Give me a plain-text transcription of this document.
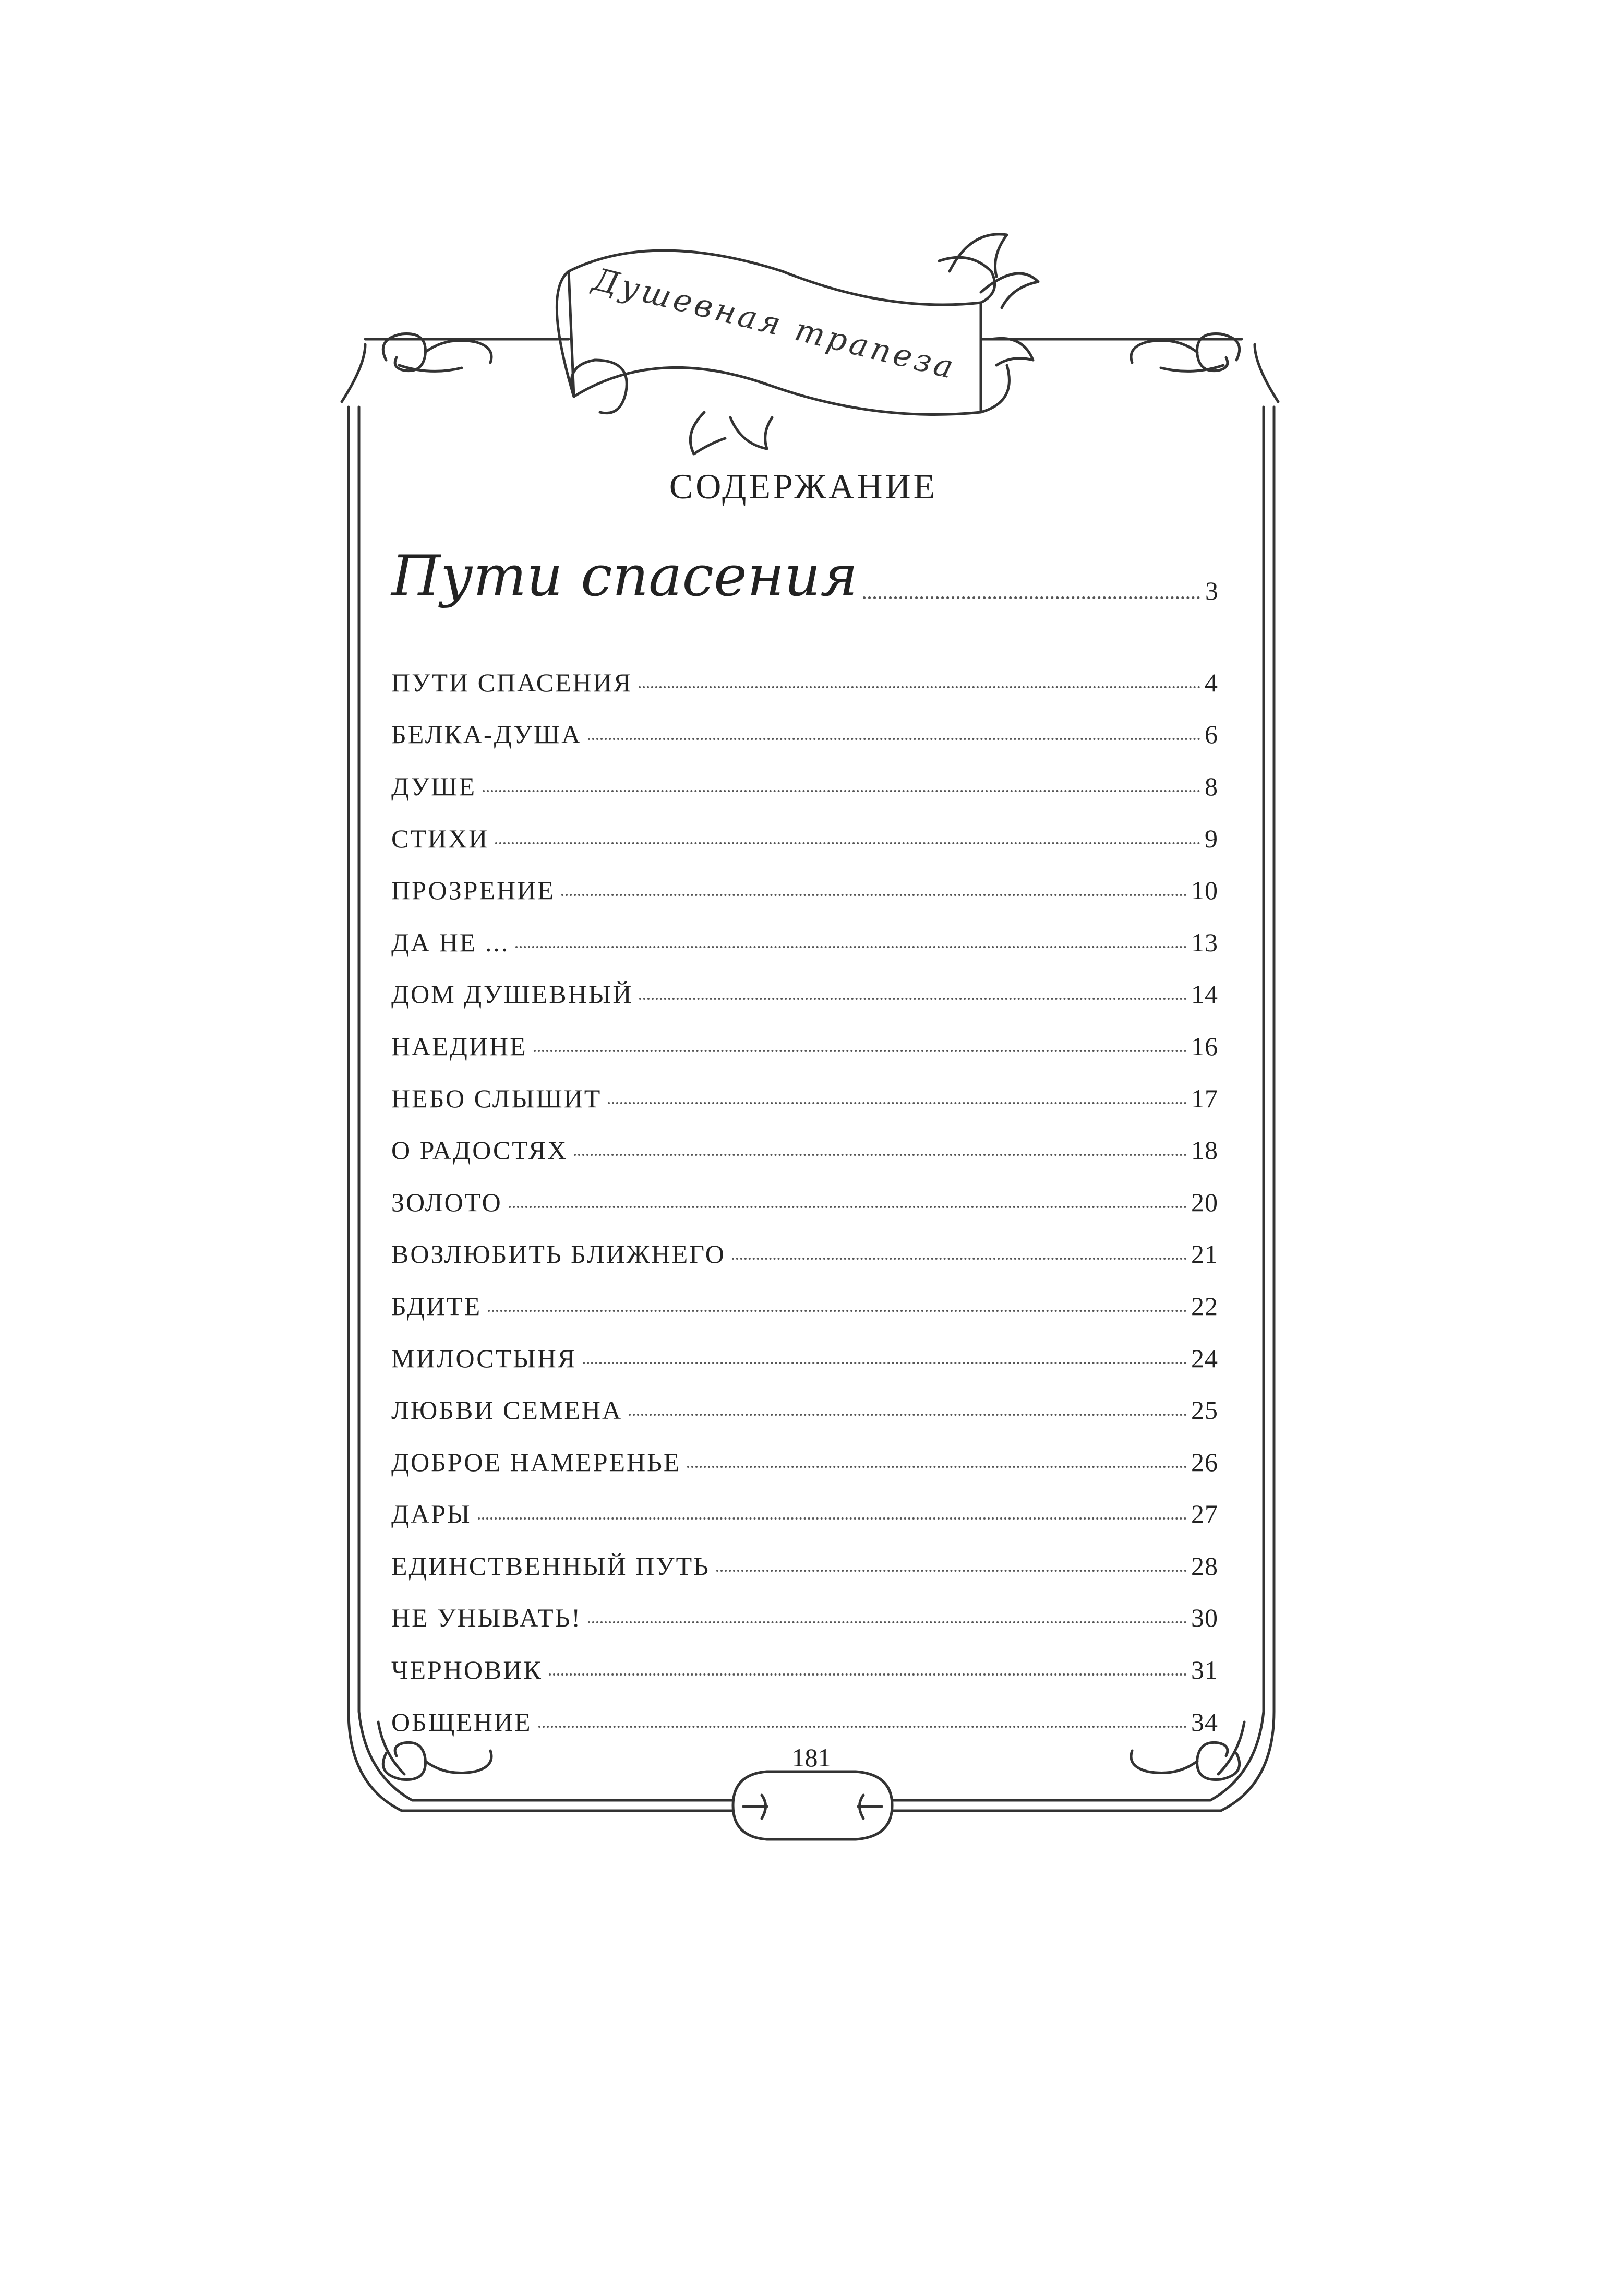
Душевная трапеза
СОДЕРЖАНИЕ
Пути спасения	3
ПУТИ СПАСЕНИЯ	4
БЕЛКА-ДУША	6
ДУШЕ	8
СТИХИ	9
ПРОЗРЕНИЕ	10
ДА НЕ ...	13
ДОМ ДУШЕВНЫЙ	14
НАЕДИНЕ	16
НЕБО СЛЫШИТ	17
О РАДОСТЯХ	18
ЗОЛОТО	20
ВОЗЛЮБИТЬ БЛИЖНЕГО	21
БДИТЕ	22
МИЛОСТЫНЯ	24
ЛЮБВИ СЕМЕНА	25
ДОБРОЕ НАМЕРЕНЬЕ	26
ДАРЫ	27
ЕДИНСТВЕННЫЙ ПУТЬ	28
НЕ УНЫВАТЬ!	30
ЧЕРНОВИК	31
ОБЩЕНИЕ	34
181
